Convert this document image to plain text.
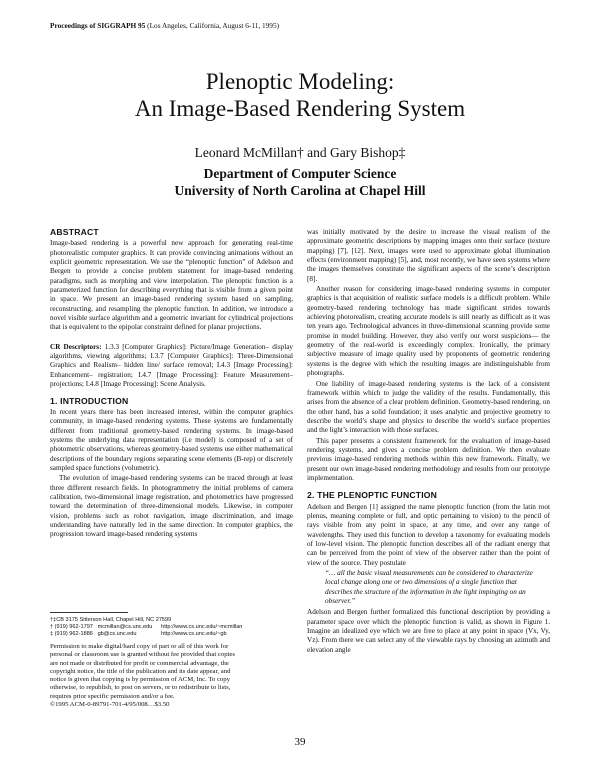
Proceedings of SIGGRAPH 95 (Los Angeles, California, August 6-11, 1995)
Plenoptic Modeling:
An Image-Based Rendering System
Leonard McMillan† and Gary Bishop‡
Department of Computer Science
University of North Carolina at Chapel Hill
ABSTRACT

Image-based rendering is a powerful new approach for generating real-time photorealistic computer graphics. It can provide convincing animations without an explicit geometric representation. We use the “plenoptic function” of Adelson and Bergen to provide a concise problem statement for image-based rendering paradigms, such as morphing and view interpolation. The plenoptic function is a parameterized function for describing everything that is visible from a given point in space. We present an image-based rendering system based on sampling, reconstructing, and resampling the plenoptic function. In addition, we introduce a novel visible surface algorithm and a geometric invariant for cylindrical projections that is equivalent to the epipolar constraint defined for planar projections.

CR Descriptors: 1.3.3 [Computer Graphics]: Picture/Image Generation– display algorithms, viewing algorithms; I.3.7 [Computer Graphics]: Three-Dimensional Graphics and Realism– hidden line/ surface removal; I.4.3 [Image Processing]: Enhancement– registration; I.4.7 [Image Processing]: Feature Measurement– projections; I.4.8 [Image Processing]: Scene Analysis.

1. INTRODUCTION

In recent years there has been increased interest, within the computer graphics community, in image-based rendering systems. These systems are fundamentally different from traditional geometry-based rendering systems. In image-based systems the underlying data representation (i.e model) is composed of a set of photometric observations, whereas geometry-based systems use either mathematical descriptions of the boundary regions separating scene elements (B-rep) or discretely sampled space functions (volumetric).

The evolution of image-based rendering systems can be traced through at least three different research fields. In photogrammetry the initial problems of camera calibration, two-dimensional image registration, and photometrics have progressed toward the determination of three-dimensional models. Likewise, in computer vision, problems such as robot navigation, image discrimination, and image understanding have naturally led in the same direction. In computer graphics, the progression toward image-based rendering systems

†‡CB 3175 Sitterson Hall, Chapel Hill, NC 27599
† (919) 962-1797 mcmillan@cs.unc.edu http://www.cs.unc.edu/~mcmillan
‡ (919) 962-1886 gb@cs.unc.edu	http://www.cs.unc.edu/~gb
Permission to make digital/hard copy of part or all of this work for personal or classroom use is granted without fee provided that copies are not made or distributed for profit or commercial advantage, the copyright notice, the title of the publication and its date appear, and notice is given that copying is by permission of ACM, Inc. To copy otherwise, to republish, to post on servers, or to redistribute to lists, requires prior specific permission and/or a fee.
©1995 ACM-0-89791-701-4/95/008…$3.50

was initially motivated by the desire to increase the visual realism of the approximate geometric descriptions by mapping images onto their surface (texture mapping) [7], [12]. Next, images were used to approximate global illumination effects (environment mapping) [5], and, most recently, we have seen systems where the images themselves constitute the significant aspects of the scene’s description [8].

Another reason for considering image-based rendering systems in computer graphics is that acquisition of realistic surface models is a difficult problem. While geometry-based rendering technology has made significant strides towards achieving photorealism, creating accurate models is still nearly as difficult as it was ten years ago. Technological advances in three-dimensional scanning provide some promise in model building. However, they also verify our worst suspicions— the geometry of the real-world is exceedingly complex. Ironically, the primary subjective measure of image quality used by proponents of geometric rendering systems is the degree with which the resulting images are indistinguishable from photographs.

One liability of image-based rendering systems is the lack of a consistent framework within which to judge the validity of the results. Fundamentally, this arises from the absence of a clear problem definition. Geometry-based rendering, on the other hand, has a solid foundation; it uses analytic and projective geometry to describe the world’s shape and physics to describe the world’s surface properties and the light’s interaction with those surfaces.

This paper presents a consistent framework for the evaluation of image-based rendering systems, and gives a concise problem definition. We then evaluate previous image-based rendering methods within this new framework. Finally, we present our own image-based rendering methodology and results from our prototype implementation.

2. THE PLENOPTIC FUNCTION

Adelson and Bergen [1] assigned the name plenoptic function (from the latin root plenus, meaning complete or full, and optic pertaining to vision) to the pencil of rays visible from any point in space, at any time, and over any range of wavelengths. They used this function to develop a taxonomy for evaluating models of low-level vision. The plenoptic function describes all of the radiant energy that can be perceived from the point of view of the observer rather than the point of view of the source. They postulate

“… all the basic visual measurements can be considered to characterize local change along one or two dimensions of a single function that describes the structure of the information in the light impinging on an observer.”

Adelson and Bergen further formalized this functional description by providing a parameter space over which the plenoptic function is valid, as shown in Figure 1. Imagine an idealized eye which we are free to place at any point in space (Vx, Vy, Vz). From there we can select any of the viewable rays by choosing an azimuth and elevation angle

39
